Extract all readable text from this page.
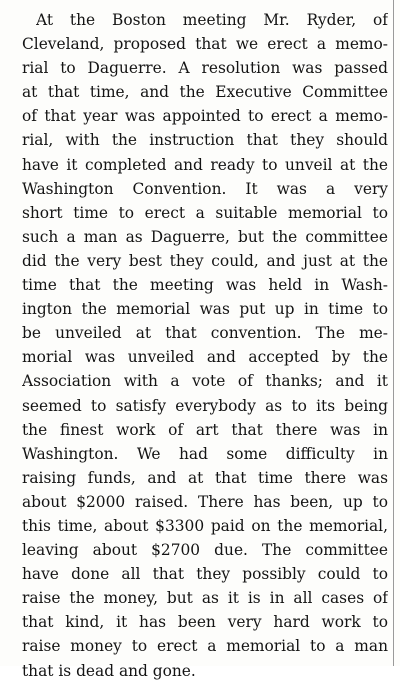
At the Boston meeting Mr. Ryder, of
Cleveland, proposed that we erect a memo-
rial to Daguerre. A resolution was passed
at that time, and the Executive Committee
of that year was appointed to erect a memo-
rial, with the instruction that they should
have it completed and ready to unveil at the
Washington Convention. It was a very
short time to erect a suitable memorial to
such a man as Daguerre, but the committee
did the very best they could, and just at the
time that the meeting was held in Wash-
ington the memorial was put up in time to
be unveiled at that convention. The me-
morial was unveiled and accepted by the
Association with a vote of thanks; and it
seemed to satisfy everybody as to its being
the finest work of art that there was in
Washington. We had some difficulty in
raising funds, and at that time there was
about $2000 raised. There has been, up to
this time, about $3300 paid on the memorial,
leaving about $2700 due. The committee
have done all that they possibly could to
raise the money, but as it is in all cases of
that kind, it has been very hard work to
raise money to erect a memorial to a man
that is dead and gone.
